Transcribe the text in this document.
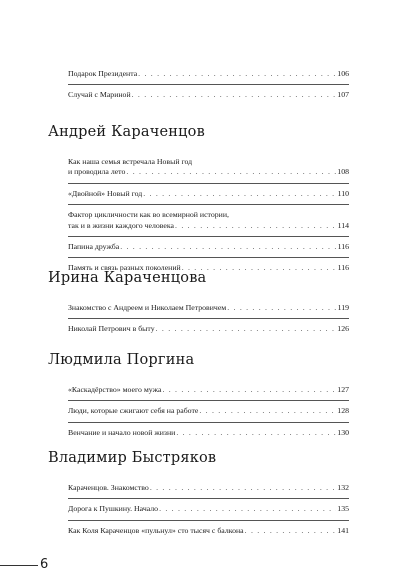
Подарок Президента . . .	106
Случай с Мариной . . .	107
Андрей Караченцов
Как наша семья встречала Новый год
и проводила лето . . .	108
«Двойной» Новый год . . .	110
Фактор цикличности как во всемирной истории,
так и в жизни каждого человека . . .	114
Папина дружба . . .	116
Память и связь разных поколений . . .	116
Ирина Караченцова
Знакомство с Андреем и Николаем Петровичем . . .	119
Николай Петрович в быту . . .	126
Людмила Поргина
«Каскадёрство» моего мужа . . .	127
Люди, которые сжигают себя на работе . . .	128
Венчание и начало новой жизни . . .	130
Владимир Быстряков
Караченцов. Знакомство . . .	132
Дорога к Пушкину. Начало . . .	135
Как Коля Караченцов «пульнул» сто тысяч с балкона . . .	141
6
